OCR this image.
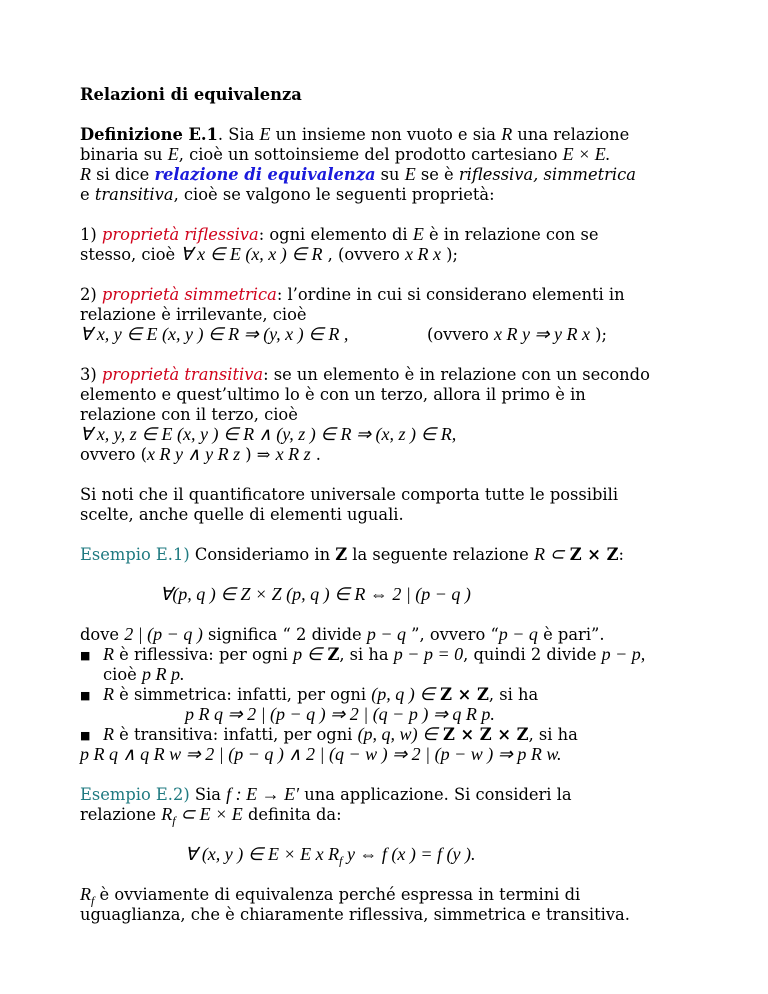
Relazioni di equivalenza
Definizione E.1. Sia E un insieme non vuoto e sia R una relazione
binaria su E, cioè un sottoinsieme del prodotto cartesiano E × E.
R si dice relazione di equivalenza su E se è riflessiva, simmetrica
e transitiva, cioè se valgono le seguenti proprietà:
1) proprietà riflessiva: ogni elemento di E è in relazione con se
stesso, cioè ∀ x ∈ E (x, x ) ∈ R , (ovvero x R x );
2) proprietà simmetrica: l’ordine in cui si considerano elementi in
relazione è irrilevante, cioè
∀ x, y ∈ E (x, y ) ∈ R ⇒ (y, x ) ∈ R ,	(ovvero x R y ⇒ y R x );
3) proprietà transitiva: se un elemento è in relazione con un secondo
elemento e quest’ultimo lo è con un terzo, allora il primo è in
relazione con il terzo, cioè
∀ x, y, z ∈ E (x, y ) ∈ R ∧ (y, z ) ∈ R ⇒ (x, z ) ∈ R,
ovvero (x R y ∧ y R z ) ⇒ x R z .
Si noti che il quantificatore universale comporta tutte le possibili
scelte, anche quelle di elementi uguali.
Esempio E.1) Consideriamo in Z la seguente relazione R ⊂ Z × Z:
∀(p, q ) ∈ Z × Z (p, q ) ∈ R ⇔ 2 | (p − q )
dove 2 | (p − q ) significa “ 2 divide p − q ”, ovvero “p − q è pari”.
■ R è riflessiva: per ogni p ∈ Z, si ha p − p = 0, quindi 2 divide p − p,
cioè p R p.
■ R è simmetrica: infatti, per ogni (p, q ) ∈ Z × Z, si ha
p R q ⇒ 2 | (p − q ) ⇒ 2 | (q − p ) ⇒ q R p.
■ R è transitiva: infatti, per ogni (p, q, w) ∈ Z × Z × Z, si ha
p R q ∧ q R w ⇒ 2 | (p − q ) ∧ 2 | (q − w ) ⇒ 2 | (p − w ) ⇒ p R w.
Esempio E.2) Sia f : E → E′ una applicazione. Si consideri la
relazione $R_f$ ⊂ E × E definita da:
∀ (x, y ) ∈ E × E x $R_f$ y ⇔ f (x ) = f (y ).
$R_f$ è ovviamente di equivalenza perché espressa in termini di
uguaglianza, che è chiaramente riflessiva, simmetrica e transitiva.
